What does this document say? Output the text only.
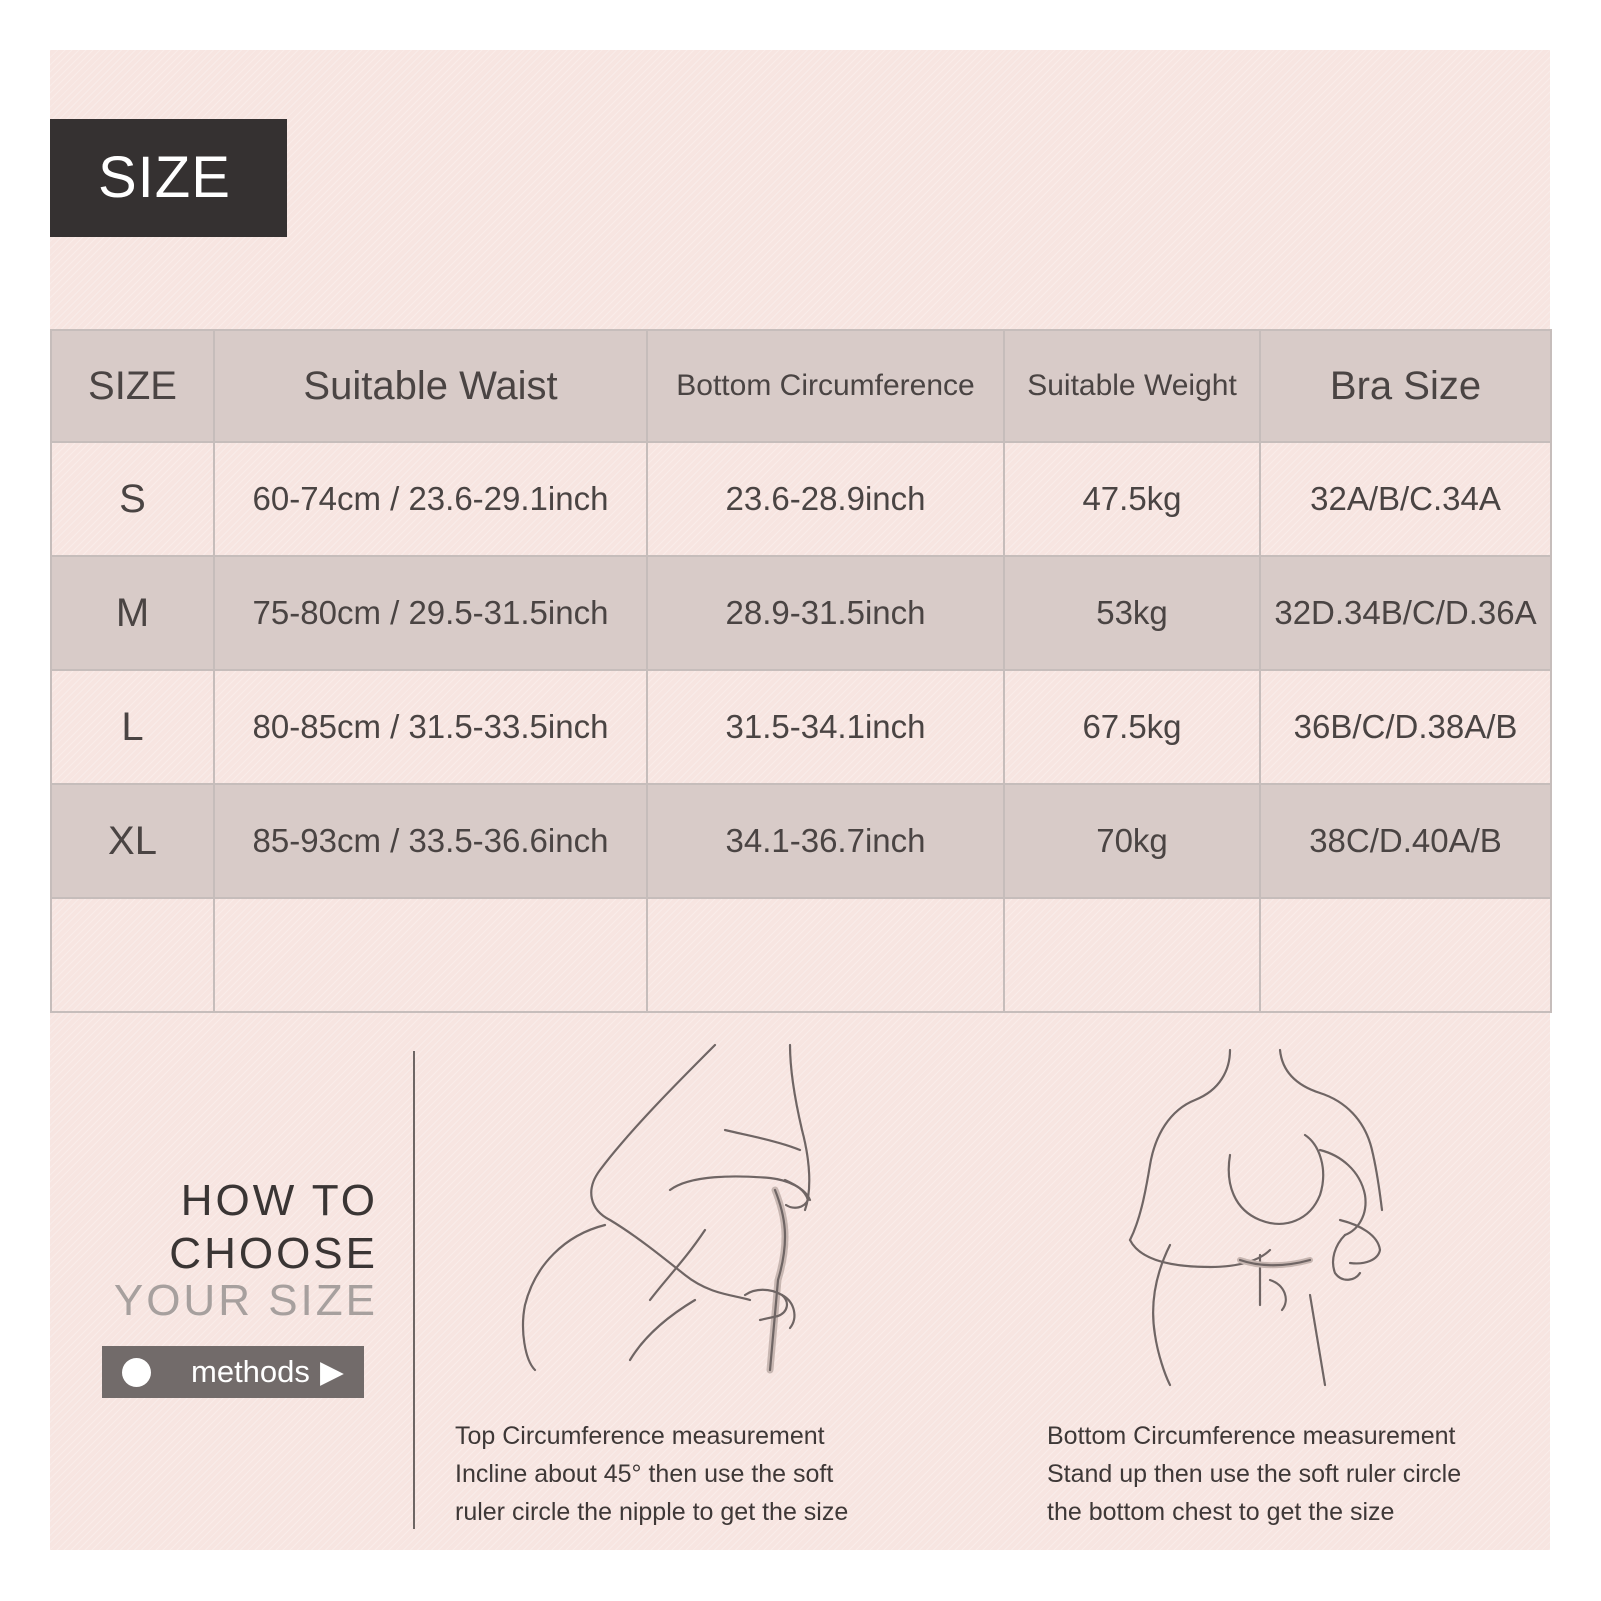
SIZE
SIZE	Suitable Waist	Bottom Circumference	Suitable Weight	Bra Size
S	60-74cm / 23.6-29.1inch	23.6-28.9inch	47.5kg	32A/B/C.34A
M	75-80cm / 29.5-31.5inch	28.9-31.5inch	53kg	32D.34B/C/D.36A
L	80-85cm / 31.5-33.5inch	31.5-34.1inch	67.5kg	36B/C/D.38A/B
XL	85-93cm / 33.5-36.6inch	34.1-36.7inch	70kg	38C/D.40A/B

HOW TO
CHOOSE
YOUR SIZE
methods ▶
Top Circumference measurement
Incline about 45° then use the soft
ruler circle the nipple to get the size
Bottom Circumference measurement
Stand up then use the soft ruler circle
the bottom chest to get the size
